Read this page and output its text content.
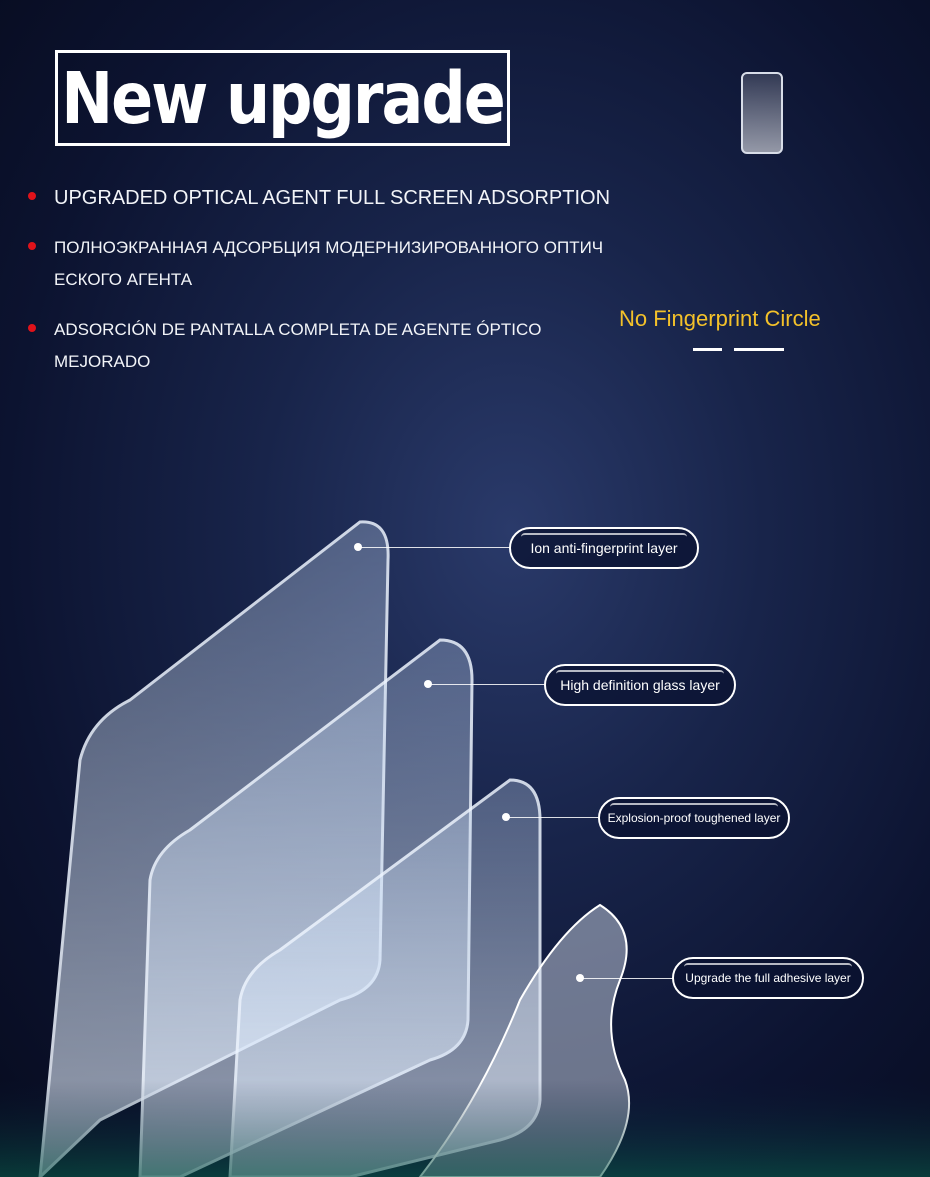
New upgrade
UPGRADED OPTICAL AGENT FULL SCREEN ADSORPTION
ПОЛНОЭКРАННАЯ АДСОРБЦИЯ МОДЕРНИЗИРОВАННОГО ОПТИЧ ЕСКОГО АГЕНТА
ADSORCIÓN DE PANTALLA COMPLETA DE AGENTE ÓPTICO MEJORADO
No Fingerprint Circle
Ion anti-fingerprint layer
High definition glass layer
Explosion-proof toughened layer
Upgrade the full adhesive layer
